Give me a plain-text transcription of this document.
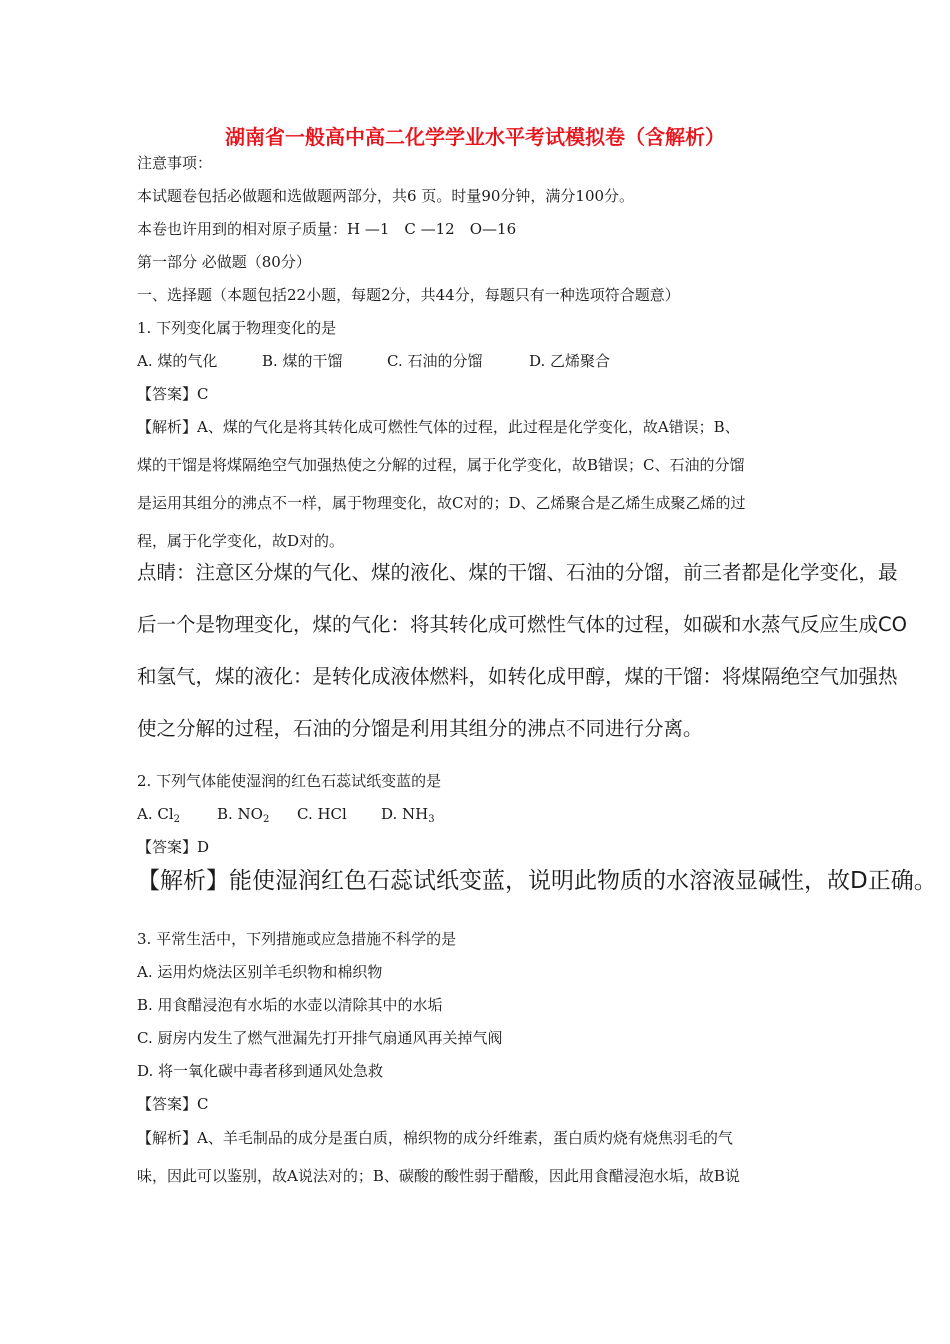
湖南省一般高中高二化学学业水平考试模拟卷（含解析）
注意事项：
本试题卷包括必做题和选做题两部分，共6 页。时量90分钟，满分100分。
本卷也许用到的相对原子质量：H —1　C —12　O—16
第一部分 必做题（80分）
一、选择题（本题包括22小题，每题2分，共44分，每题只有一种选项符合题意）
1. 下列变化属于物理变化的是
A. 煤的气化	B. 煤的干馏	C. 石油的分馏	D. 乙烯聚合
【答案】C
【解析】A、煤的气化是将其转化成可燃性气体的过程，此过程是化学变化，故A错误；B、
煤的干馏是将煤隔绝空气加强热使之分解的过程，属于化学变化，故B错误；C、石油的分馏
是运用其组分的沸点不一样，属于物理变化，故C对的；D、乙烯聚合是乙烯生成聚乙烯的过
程，属于化学变化，故D对的。
点睛：注意区分煤的气化、煤的液化、煤的干馏、石油的分馏，前三者都是化学变化，最
后一个是物理变化，煤的气化：将其转化成可燃性气体的过程，如碳和水蒸气反应生成CO
和氢气，煤的液化：是转化成液体燃料，如转化成甲醇，煤的干馏：将煤隔绝空气加强热
使之分解的过程，石油的分馏是利用其组分的沸点不同进行分离。
2. 下列气体能使湿润的红色石蕊试纸变蓝的是
A. $Cl_2$ B. $NO_2$ C. HCl D. $NH_3$
【答案】D
【解析】能使湿润红色石蕊试纸变蓝，说明此物质的水溶液显碱性，故D正确。
3. 平常生活中，下列措施或应急措施不科学的是
A. 运用灼烧法区别羊毛织物和棉织物
B. 用食醋浸泡有水垢的水壶以清除其中的水垢
C. 厨房内发生了燃气泄漏先打开排气扇通风再关掉气阀
D. 将一氧化碳中毒者移到通风处急救
【答案】C
【解析】A、羊毛制品的成分是蛋白质，棉织物的成分纤维素，蛋白质灼烧有烧焦羽毛的气
味，因此可以鉴别，故A说法对的；B、碳酸的酸性弱于醋酸，因此用食醋浸泡水垢，故B说
